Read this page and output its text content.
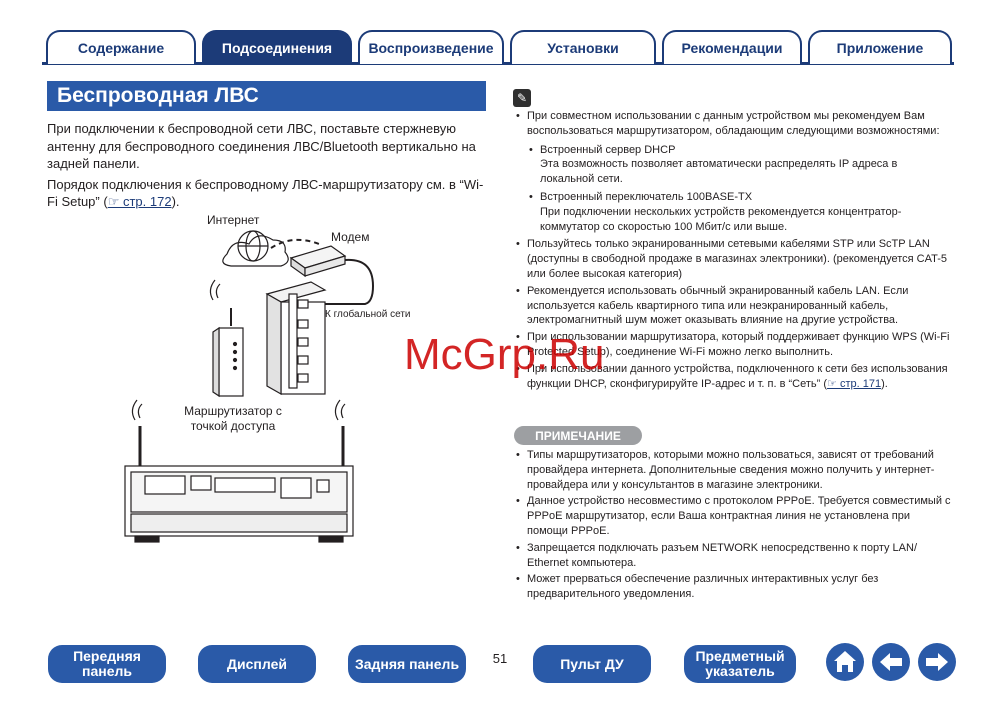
Содержание	Подсоединения	Воспроизведение	Установки	Рекомендации	Приложение
Беспроводная ЛВС

При подключении к беспроводной сети ЛВС, поставьте стержневую антенну для беспроводного соединения ЛВС/Bluetooth вертикально на задней панели.

Порядок подключения к беспроводному ЛВС-маршрутизатору см. в “Wi-Fi Setup” (☞ стр. 172).

Интернет
Модем
К глобальной сети
Маршрутизатор с
точкой доступа
✎
• При совместном использовании с данным устройством мы рекомендуем Вам воспользоваться маршрутизатором, обладающим следующими возможностями:
• Встроенный сервер DHCP
Эта возможность позволяет автоматически распределять IP адреса в локальной сети.
• Встроенный переключатель 100BASE-TX
При подключении нескольких устройств рекомендуется концентратор-коммутатор со скоростью 100 Мбит/с или выше.
• Пользуйтесь только экранированными сетевыми кабелями STP или ScTP LAN (доступны в свободной продаже в магазинах электроники). (рекомендуется CAT-5 или более высокая категория)
• Рекомендуется использовать обычный экранированный кабель LAN. Если используется кабель квартирного типа или неэкранированный кабель, электромагнитный шум может оказывать влияние на другие устройства.
• При использовании маршрутизатора, который поддерживает функцию WPS (Wi-Fi Protected Setup), соединение Wi-Fi можно легко выполнить.
• При использовании данного устройства, подключенного к сети без использования функции DHCP, сконфигурируйте IP-адрес и т. п. в “Сеть” (☞ стр. 171).
ПРИМЕЧАНИЕ
• Типы маршрутизаторов, которыми можно пользоваться, зависят от требований провайдера интернета. Дополнительные сведения можно получить у интернет-провайдера или у консультантов в магазине электроники.
• Данное устройство несовместимо с протоколом PPPoE. Требуется совместимый с PPPoE маршрутизатор, если Ваша контрактная линия не установлена при помощи PPPoE.
• Запрещается подключать разъем NETWORK непосредственно к порту LAN/ Ethernet компьютера.
• Может прерваться обеспечение различных интерактивных услуг без предварительного уведомления.
McGrp.Ru
Передняя панель	Дисплей	Задняя панель	51	Пульт ДУ	Предметный указатель
